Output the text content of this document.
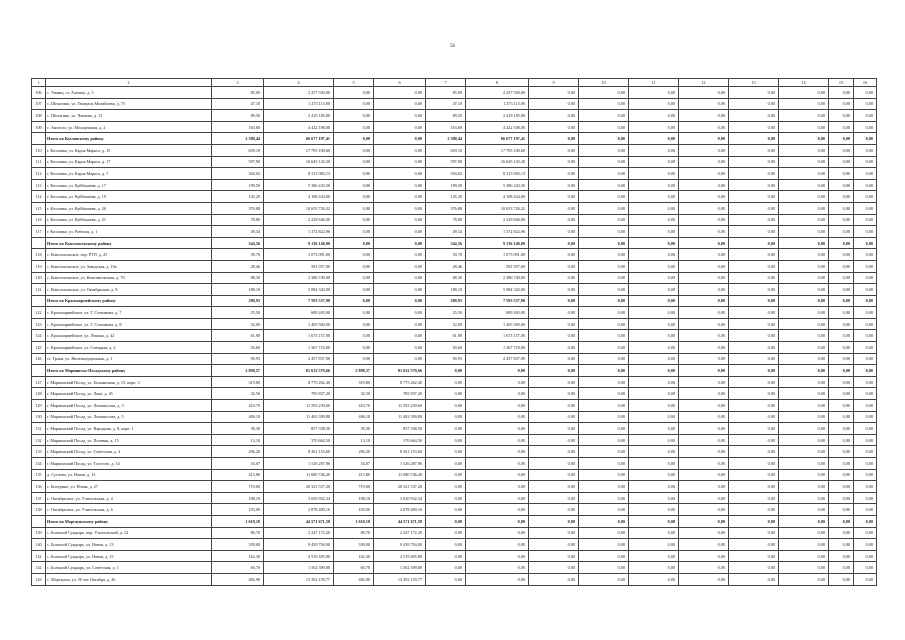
56
1	2	3	4	5	6	7	8	9	10	11	12	13	14	15	16
106	с. Уманщ, ст. Алешко, д. 3	85,00	2 257 550,00	0,00	0,00	85,00	2 257 550,00	0,00	0,00	0,00	0,00	0,00	0,00	0,00	0,00
107	с. Шелагино, ул. Генерала Михайлова, д. 75	47,10	1 273 113,00	0,00	0,00	47,10	1 273 113,00	0,00	0,00	0,00	0,00	0,00	0,00	0,00	0,00
108	с. Шелагино, ул. Чапаева, д. 13	89,50	2 419 185,00	0,00	0,00	89,50	2 419 185,00	0,00	0,00	0,00	0,00	0,00	0,00	0,00	0,00
109	с. Ангисол, ул. Молодежная, д. 2	163,60	4 422 108,00	0,00	0,00	163,60	4 422 108,00	0,00	0,00	0,00	0,00	0,00	0,00	0,00	0,00
	Итого по Козловскому району	2 380,44	66 677 197,41	0,00	0,00	2 380,44	66 677 197,41	0,00	0,00	0,00	0,00	0,00	0,00	0,00	0,00
110	г. Козловка, ул. Карла Маркса, д. 15	659,10	17 795 100,60	0,00	0,00	659,10	17 795 100,60	0,00	0,00	0,00	0,00	0,00	0,00	0,00	0,00
111	г. Козловка, ул. Карла Маркса, д. 17	597,90	16 645 143,20	0,00	0,00	597,90	16 645 143,20	0,00	0,00	0,00	0,00	0,00	0,00	0,00	0,00
112	г. Козловка, ул. Карла Маркса, д. 7	304,02	8 315 083,13	0,00	0,00	304,02	8 315 083,13	0,00	0,00	0,00	0,00	0,00	0,00	0,00	0,00
113	г. Козловка, ул. Куйбышева, д. 17	199,50	5 386 243,50	0,00	0,00	199,50	5 386 243,50	0,00	0,00	0,00	0,00	0,00	0,00	0,00	0,00
114	г. Козловка, ул. Куйбышева, д. 19	145,20	4 108 434,00	0,00	0,00	145,20	4 108 434,00	0,00	0,00	0,00	0,00	0,00	0,00	0,00	0,00
115	г. Козловка, ул. Куйбышева, д. 20	376,88	10 653 726,22	0,00	0,00	376,88	10 653 726,22	0,00	0,00	0,00	0,00	0,00	0,00	0,00	0,00
116	г. Козловка, ул. Куйбышева, д. 21	78,80	2 229 646,00	0,00	0,00	78,80	2 229 646,00	0,00	0,00	0,00	0,00	0,00	0,00	0,00	0,00
117	г. Козловка, ул. Рабочая, д. 1	49,34	1 372 822,96	0,00	0,00	49,34	1 372 822,96	0,00	0,00	0,00	0,00	0,00	0,00	0,00	0,00
	Итого по Комсомольскому району	344,56	9 136 140,00	0,00	0,00	344,56	9 136 140,00	0,00	0,00	0,00	0,00	0,00	0,00	0,00	0,00
118	с. Комсомольское, пер. РТП, д. 25	39,70	1 073 091,00	0,00	0,00	39,70	1 073 091,00	0,00	0,00	0,00	0,00	0,00	0,00	0,00	0,00
119	с. Комсомольское, ул. Заводская, д. 10а	28,46	591 957,00	0,00	0,00	28,46	591 957,00	0,00	0,00	0,00	0,00	0,00	0,00	0,00	0,00
120	с. Комсомольское, ул. Комсомольская, д. 70	88,30	2 386 749,00	0,00	0,00	88,30	2 386 749,00	0,00	0,00	0,00	0,00	0,00	0,00	0,00	0,00
121	с. Комсомольское, ул. Октябрьская, д. 8	188,10	5 084 343,00	0,00	0,00	188,10	5 084 343,00	0,00	0,00	0,00	0,00	0,00	0,00	0,00	0,00
	Итого по Красноармейскому району	280,93	7 593 537,90	0,00	0,00	280,93	7 593 537,90	0,00	0,00	0,00	0,00	0,00	0,00	0,00	0,00
122	с. Красноармейское, ул. Г. Степанова, д. 7	25,50	689 265,00	0,00	0,00	25,50	689 265,00	0,00	0,00	0,00	0,00	0,00	0,00	0,00	0,00
123	с. Красноармейское, ул. Г. Степанова, д. 8	52,00	1 405 560,00	0,00	0,00	52,00	1 405 560,00	0,00	0,00	0,00	0,00	0,00	0,00	0,00	0,00
124	с. Красноармейское, ул. Ленина, д. 42	61,90	1 673 157,00	0,00	0,00	61,90	1 673 157,00	0,00	0,00	0,00	0,00	0,00	0,00	0,00	0,00
125	с. Красноармейское, ул. Северная, д. 2	50,60	1 367 718,00	0,00	0,00	50,60	1 367 718,00	0,00	0,00	0,00	0,00	0,00	0,00	0,00	0,00
126	ст. Траки, ул. Железнодорожная, д. 1	90,93	2 457 837,90	0,00	0,00	90,93	2 457 837,90	0,00	0,00	0,00	0,00	0,00	0,00	0,00	0,00
	Итого по Мариинско-Посадскому району	2 898,57	81 632 579,66	2 898,57	81 632 579,66	0,00	0,00	0,00	0,00	0,00	0,00	0,00	0,00	0,00	0,00
127	г. Мариинский Посад, ул. Больничная, д. 15, корп. 3	319,80	8 775 262,40	319,80	8 775 262,40	0,00	0,00	0,00	0,00	0,00	0,00	0,00	0,00	0,00	0,00
128	г. Мариинский Посад, ул. Лаце, д. 45	32,50	785 837,20	32,50	785 837,20	0,00	0,00	0,00	0,00	0,00	0,00	0,00	0,00	0,00	0,00
129	г. Мариинский Посад, ул. Ломоносова, д. 3	410,70	11 593 239,60	410,70	11 593 239,60	0,00	0,00	0,00	0,00	0,00	0,00	0,00	0,00	0,00	0,00
130	г. Мариинский Посад, ул. Ломоносова, д. 5	406,10	11 463 399,80	406,10	11 463 399,80	0,00	0,00	0,00	0,00	0,00	0,00	0,00	0,00	0,00	0,00
131	г. Мариинский Посад, ул. Народная, д. 8, корп. 1	39,30	857 338,50	39,30	857 338,50	0,00	0,00	0,00	0,00	0,00	0,00	0,00	0,00	0,00	0,00
132	г. Мариинский Посад, ул. Полевая, д. 15	13,10	370 664,50	13,10	370 664,50	0,00	0,00	0,00	0,00	0,00	0,00	0,00	0,00	0,00	0,00
133	г. Мариинский Посад, ул. Советская, д. 4	296,20	8 361 153,60	296,20	8 361 153,60	0,00	0,00	0,00	0,00	0,00	0,00	0,00	0,00	0,00	0,00
134	г. Мариинский Посад, ул. Толстого, д. 14	54,07	1 526 287,96	54,07	1 526 287,96	0,00	0,00	0,00	0,00	0,00	0,00	0,00	0,00	0,00	0,00
135	д. Сутчево, ул. Новая, д. 13	413,80	11 680 746,40	413,80	11 680 746,40	0,00	0,00	0,00	0,00	0,00	0,00	0,00	0,00	0,00	0,00
136	с. Бичурино, ул. Новая, д. 27	719,00	20 321 537,20	719,00	20 321 537,20	0,00	0,00	0,00	0,00	0,00	0,00	0,00	0,00	0,00	0,00
137	с. Октябрьское, ул. Учительская, д. 4	108,10	3 020 932,34	108,10	3 020 932,34	0,00	0,00	0,00	0,00	0,00	0,00	0,00	0,00	0,00	0,00
138	с. Октябрьское, ул. Учительская, д. 6	103,00	2 878 409,16	103,00	2 878 409,16	0,00	0,00	0,00	0,00	0,00	0,00	0,00	0,00	0,00	0,00
	Итого по Моргаушскому району	1 610,18	44 571 671,58	1 610,18	44 571 671,58	0,00	0,00	0,00	0,00	0,00	0,00	0,00	0,00	0,00	0,00
139	с. Большой Сундырь, пер. Учительский, д. 12	80,70	2 247 172,20	80,70	2 247 172,20	0,00	0,00	0,00	0,00	0,00	0,00	0,00	0,00	0,00	0,00
140	с. Большой Сундырь, ул. Новая, д. 13	339,00	9 439 794,00	339,00	9 439 794,00	0,00	0,00	0,00	0,00	0,00	0,00	0,00	0,00	0,00	0,00
141	с. Большой Сундырь, ул. Новая, д. 15	162,30	4 519 405,80	162,30	4 519 405,80	0,00	0,00	0,00	0,00	0,00	0,00	0,00	0,00	0,00	0,00
142	с. Большой Сундырь, ул. Советская, д. 1	60,70	1 562 399,80	60,70	1 562 399,80	0,00	0,00	0,00	0,00	0,00	0,00	0,00	0,00	0,00	0,00
143	с. Моргауши, ул. 50 лет Октября, д. 26	482,90	13 392 159,77	482,90	13 392 159,77	0,00	0,00	0,00	0,00	0,00	0,00	0,00	0,00	0,00	0,00
